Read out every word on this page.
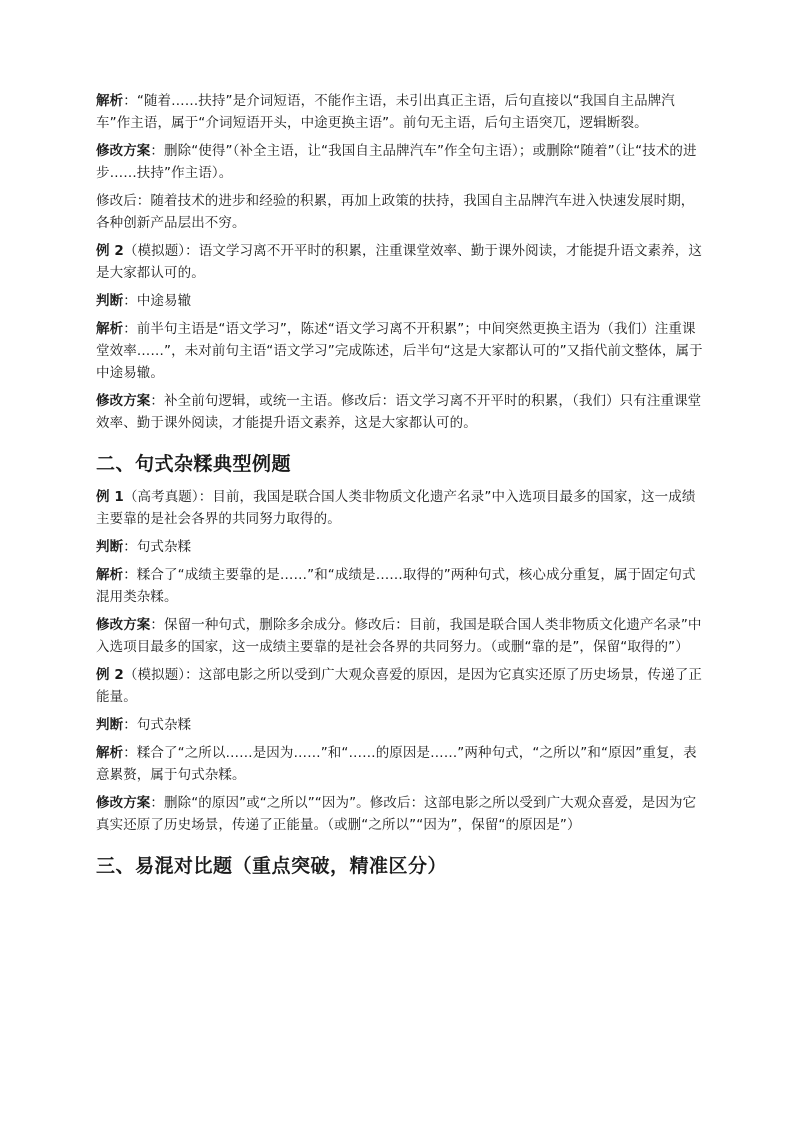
解析：“随着……扶持”是介词短语，不能作主语，未引出真正主语，后句直接以“我国自主品牌汽车”作主语，属于“介词短语开头，中途更换主语”。前句无主语，后句主语突兀，逻辑断裂。
修改方案：删除“使得”（补全主语，让“我国自主品牌汽车”作全句主语）；或删除“随着”（让“技术的进步……扶持”作主语）。
修改后：随着技术的进步和经验的积累，再加上政策的扶持，我国自主品牌汽车进入快速发展时期，各种创新产品层出不穷。
例 2（模拟题）：语文学习离不开平时的积累，注重课堂效率、勤于课外阅读，才能提升语文素养，这是大家都认可的。
判断：中途易辙
解析：前半句主语是“语文学习”，陈述“语文学习离不开积累”；中间突然更换主语为（我们）注重课堂效率……”，未对前句主语“语文学习”完成陈述，后半句“这是大家都认可的”又指代前文整体，属于中途易辙。
修改方案：补全前句逻辑，或统一主语。修改后：语文学习离不开平时的积累，（我们）只有注重课堂效率、勤于课外阅读，才能提升语文素养，这是大家都认可的。
二、句式杂糅典型例题
例 1（高考真题）：目前，我国是联合国人类非物质文化遗产名录”中入选项目最多的国家，这一成绩主要靠的是社会各界的共同努力取得的。
判断：句式杂糅
解析：糅合了“成绩主要靠的是……”和“成绩是……取得的”两种句式，核心成分重复，属于固定句式混用类杂糅。
修改方案：保留一种句式，删除多余成分。修改后：目前，我国是联合国人类非物质文化遗产名录”中入选项目最多的国家，这一成绩主要靠的是社会各界的共同努力。（或删“靠的是”，保留“取得的”）
例 2（模拟题）：这部电影之所以受到广大观众喜爱的原因，是因为它真实还原了历史场景，传递了正能量。
判断：句式杂糅
解析：糅合了“之所以……是因为……”和“……的原因是……”两种句式，“之所以”和“原因”重复，表意累赘，属于句式杂糅。
修改方案：删除“的原因”或“之所以”“因为”。修改后：这部电影之所以受到广大观众喜爱，是因为它真实还原了历史场景，传递了正能量。（或删“之所以”“因为”，保留“的原因是”）
三、易混对比题（重点突破，精准区分）
